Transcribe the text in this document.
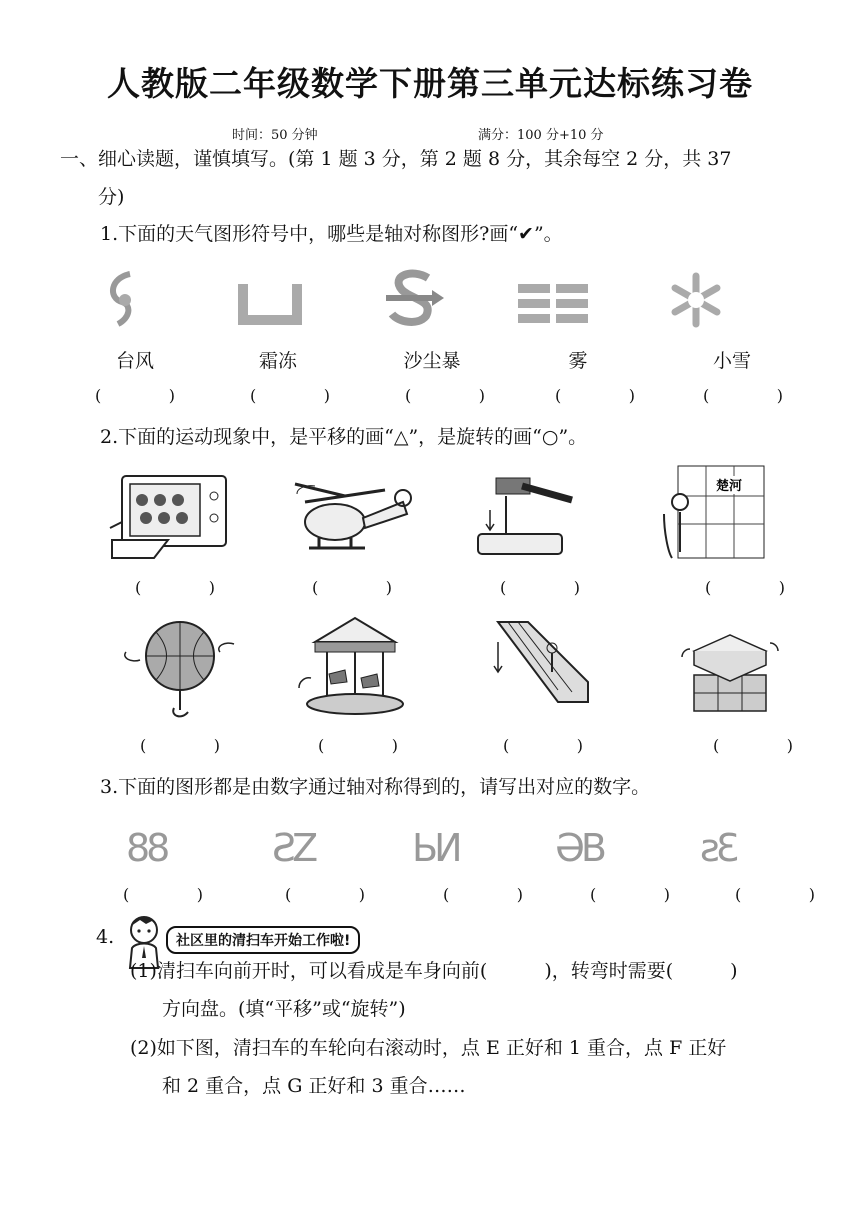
人教版二年级数学下册第三单元达标练习卷
时间：50 分钟	满分：100 分+10 分
一、细心读题，谨慎填写。(第 1 题 3 分，第 2 题 8 分，其余每空 2 分，共 37
分)
1.下面的天气图形符号中，哪些是轴对称图形?画“✔”。
台风	霜冻	沙尘暴	雾	小雪
(	)	(	)	(	)	(	)	(	)
2.下面的运动现象中，是平移的画“△”，是旋转的画“○”。
楚河
(	)	(	)	(	)	(	)
(	)	(	)	(	)	(	)
3.下面的图形都是由数字通过轴对称得到的，请写出对应的数字。
88	ƧZ	ЬИ	ƏB	ƨƐ
(	)	(	)	(	)	(	)	(	)
4.	社区里的清扫车开始工作啦!
(1)清扫车向前开时，可以看成是车身向前(　　　)，转弯时需要(　　　)
方向盘。(填“平移”或“旋转”)
(2)如下图，清扫车的车轮向右滚动时，点 E 正好和 1 重合，点 F 正好
和 2 重合，点 G 正好和 3 重合……
